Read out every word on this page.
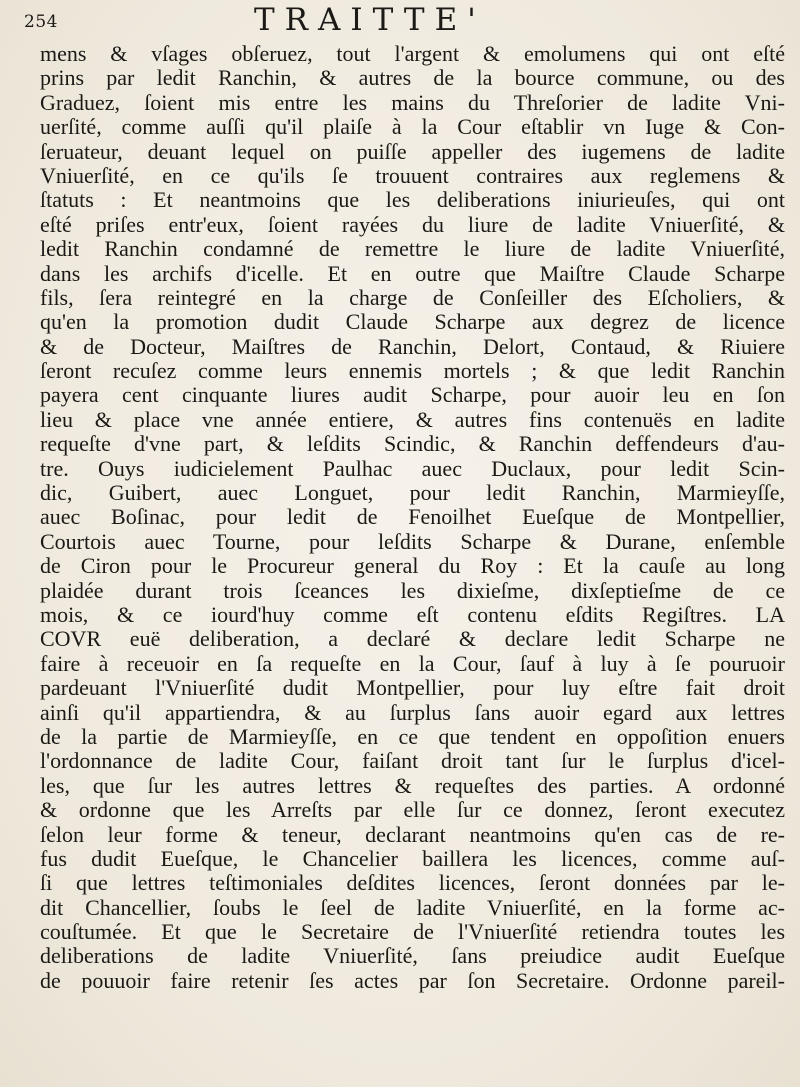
254	TRAITTE'
mens & vſages obſeruez, tout l'argent & emolumens qui ont eſté
prins par ledit Ranchin, & autres de la bource commune, ou des
Graduez, ſoient mis entre les mains du Threſorier de ladite Vni-
uerſité, comme auſſi qu'il plaiſe à la Cour eſtablir vn Iuge & Con-
ſeruateur, deuant lequel on puiſſe appeller des iugemens de ladite
Vniuerſité, en ce qu'ils ſe trouuent contraires aux reglemens &
ſtatuts : Et neantmoins que les deliberations iniurieuſes, qui ont
eſté priſes entr'eux, ſoient rayées du liure de ladite Vniuerſité, &
ledit Ranchin condamné de remettre le liure de ladite Vniuerſité,
dans les archifs d'icelle. Et en outre que Maiſtre Claude Scharpe
fils, ſera reintegré en la charge de Conſeiller des Eſcholiers, &
qu'en la promotion dudit Claude Scharpe aux degrez de licence
& de Docteur, Maiſtres de Ranchin, Delort, Contaud, & Riuiere
ſeront recuſez comme leurs ennemis mortels ; & que ledit Ranchin
payera cent cinquante liures audit Scharpe, pour auoir leu en ſon
lieu & place vne année entiere, & autres fins contenuës en ladite
requeſte d'vne part, & leſdits Scindic, & Ranchin deffendeurs d'au-
tre. Ouys iudicielement Paulhac auec Duclaux, pour ledit Scin-
dic, Guibert, auec Longuet, pour ledit Ranchin, Marmieyſſe,
auec Boſinac, pour ledit de Fenoilhet Eueſque de Montpellier,
Courtois auec Tourne, pour leſdits Scharpe & Durane, enſemble
de Ciron pour le Procureur general du Roy : Et la cauſe au long
plaidée durant trois ſceances les dixieſme, dixſeptieſme de ce
mois, & ce iourd'huy comme eſt contenu eſdits Regiſtres. LA
COVR euë deliberation, a declaré & declare ledit Scharpe ne
faire à receuoir en ſa requeſte en la Cour, ſauf à luy à ſe pouruoir
pardeuant l'Vniuerſité dudit Montpellier, pour luy eſtre fait droit
ainſi qu'il appartiendra, & au ſurplus ſans auoir egard aux lettres
de la partie de Marmieyſſe, en ce que tendent en oppoſition enuers
l'ordonnance de ladite Cour, faiſant droit tant ſur le ſurplus d'icel-
les, que ſur les autres lettres & requeſtes des parties. A ordonné
& ordonne que les Arreſts par elle ſur ce donnez, ſeront executez
ſelon leur forme & teneur, declarant neantmoins qu'en cas de re-
fus dudit Eueſque, le Chancelier baillera les licences, comme auſ-
ſi que lettres teſtimoniales deſdites licences, ſeront données par le-
dit Chancellier, ſoubs le ſeel de ladite Vniuerſité, en la forme ac-
couſtumée. Et que le Secretaire de l'Vniuerſité retiendra toutes les
deliberations de ladite Vniuerſité, ſans preiudice audit Eueſque
de pouuoir faire retenir ſes actes par ſon Secretaire. Ordonne pareil-
